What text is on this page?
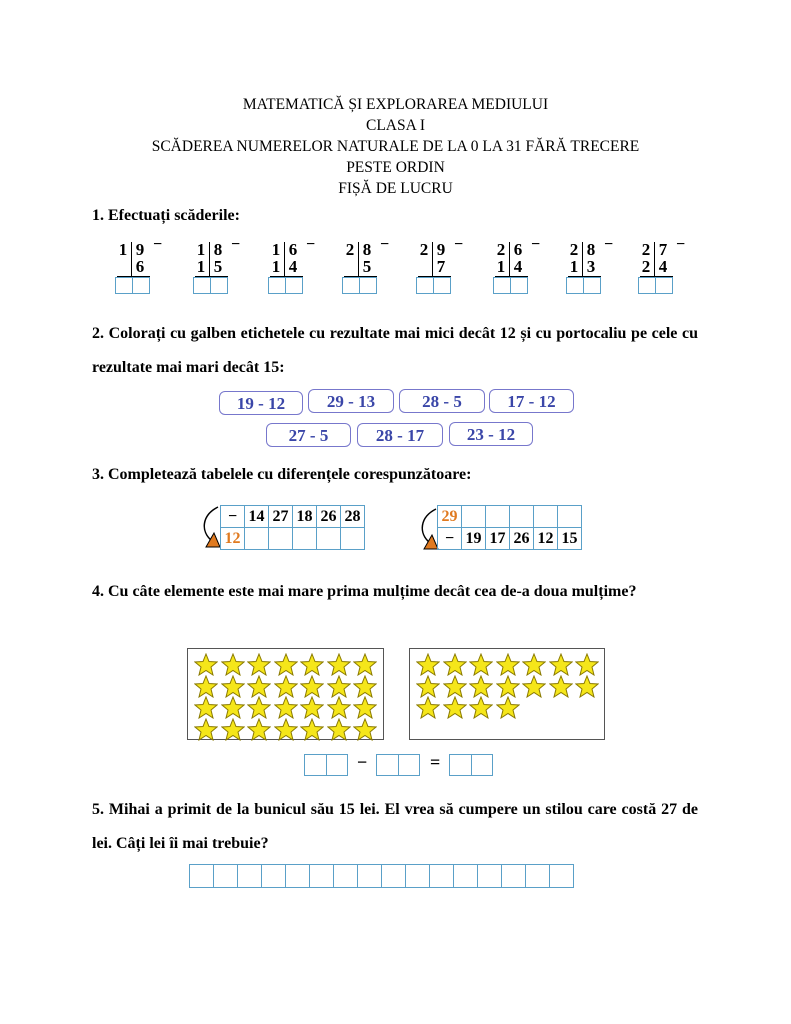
MATEMATICĂ ȘI EXPLORAREA MEDIULUI
CLASA I
SCĂDEREA NUMERELOR NATURALE DE LA 0 LA 31 FĂRĂ TRECERE
PESTE ORDIN
FIȘĂ DE LUCRU
1. Efectuați scăderile:
1 9
6
− 1 8
1 5
− 1 6
1 4
− 2 8
5
− 2 9
7
− 2 6
1 4
− 2 8
1 3
− 2 7
2 4
−
2. Colorați cu galben etichetele cu rezultate mai mici decât 12 și cu portocaliu pe cele cu rezultate mai mari decât 15:
19 - 12	29 - 13	28 - 5	17 - 12
27 - 5	28 - 17	23 - 12
3. Completează tabelele cu diferențele corespunzătoare:
−	14	27	18	26	28
12					
29					
−	19	17	26	12	15
4. Cu câte elemente este mai mare prima mulțime decât cea de-a doua mulțime?
−	=
5. Mihai a primit de la bunicul său 15 lei. El vrea să cumpere un stilou care costă 27 de lei. Câți lei îi mai trebuie?
